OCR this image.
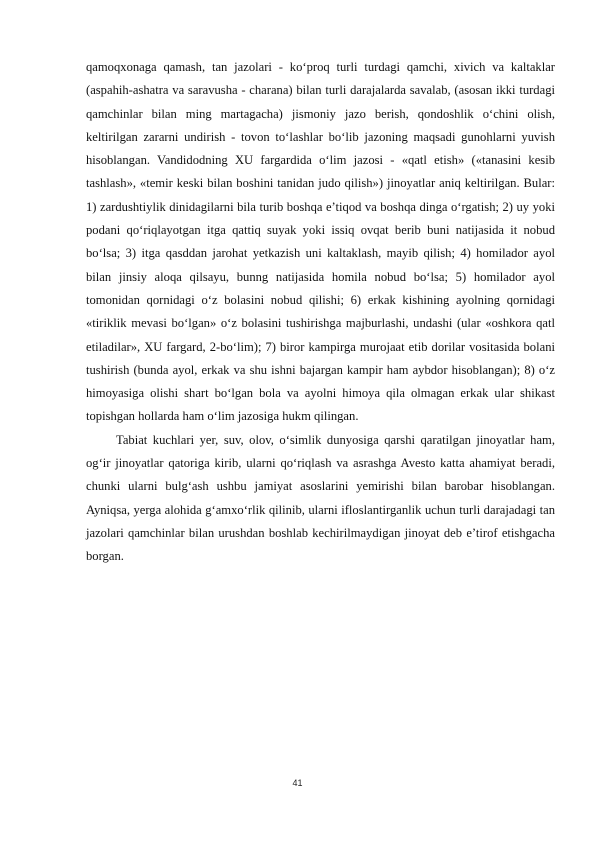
qamoqxonaga qamash, tan jazolari - ko‘proq turli turdagi qamchi, xivich va kaltaklar (aspahih-ashatra va saravusha - charana) bilan turli darajalarda savalab, (asosan ikki turdagi qamchinlar bilan ming martagacha) jismoniy jazo berish, qondoshlik o‘chini olish, keltirilgan zararni undirish - tovon to‘lashlar bo‘lib jazoning maqsadi gunohlarni yuvish hisoblangan. Vandidodning XU fargardida o‘lim jazosi - «qatl etish» («tanasini kesib tashlash», «temir keski bilan boshini tanidan judo qilish») jinoyatlar aniq keltirilgan. Bular: 1) zardushtiylik dinidagilarni bila turib boshqa e’tiqod va boshqa dinga o‘rgatish; 2) uy yoki podani qo‘riqlayotgan itga qattiq suyak yoki issiq ovqat berib buni natijasida it nobud bo‘lsa; 3) itga qasddan jarohat yetkazish uni kaltaklash, mayib qilish; 4) homilador ayol bilan jinsiy aloqa qilsayu, bunng natijasida homila nobud bo‘lsa; 5) homilador ayol tomonidan qornidagi o‘z bolasini nobud qilishi; 6) erkak kishining ayolning qornidagi «tiriklik mevasi bo‘lgan» o‘z bolasini tushirishga majburlashi, undashi (ular «oshkora qatl etiladilar», XU fargard, 2-bo‘lim); 7) biror kampirga murojaat etib dorilar vositasida bolani tushirish (bunda ayol, erkak va shu ishni bajargan kampir ham aybdor hisoblangan); 8) o‘z himoyasiga olishi shart bo‘lgan bola va ayolni himoya qila olmagan erkak ular shikast topishgan hollarda ham o‘lim jazosiga hukm qilingan.

Tabiat kuchlari yer, suv, olov, o‘simlik dunyosiga qarshi qaratilgan jinoyatlar ham, og‘ir jinoyatlar qatoriga kirib, ularni qo‘riqlash va asrashga Avesto katta ahamiyat beradi, chunki ularni bulg‘ash ushbu jamiyat asoslarini yemirishi bilan barobar hisoblangan. Ayniqsa, yerga alohida g‘amxo‘rlik qilinib, ularni ifloslantirganlik uchun turli darajadagi tan jazolari qamchinlar bilan urushdan boshlab kechirilmaydigan jinoyat deb e’tirof etishgacha borgan.

41
